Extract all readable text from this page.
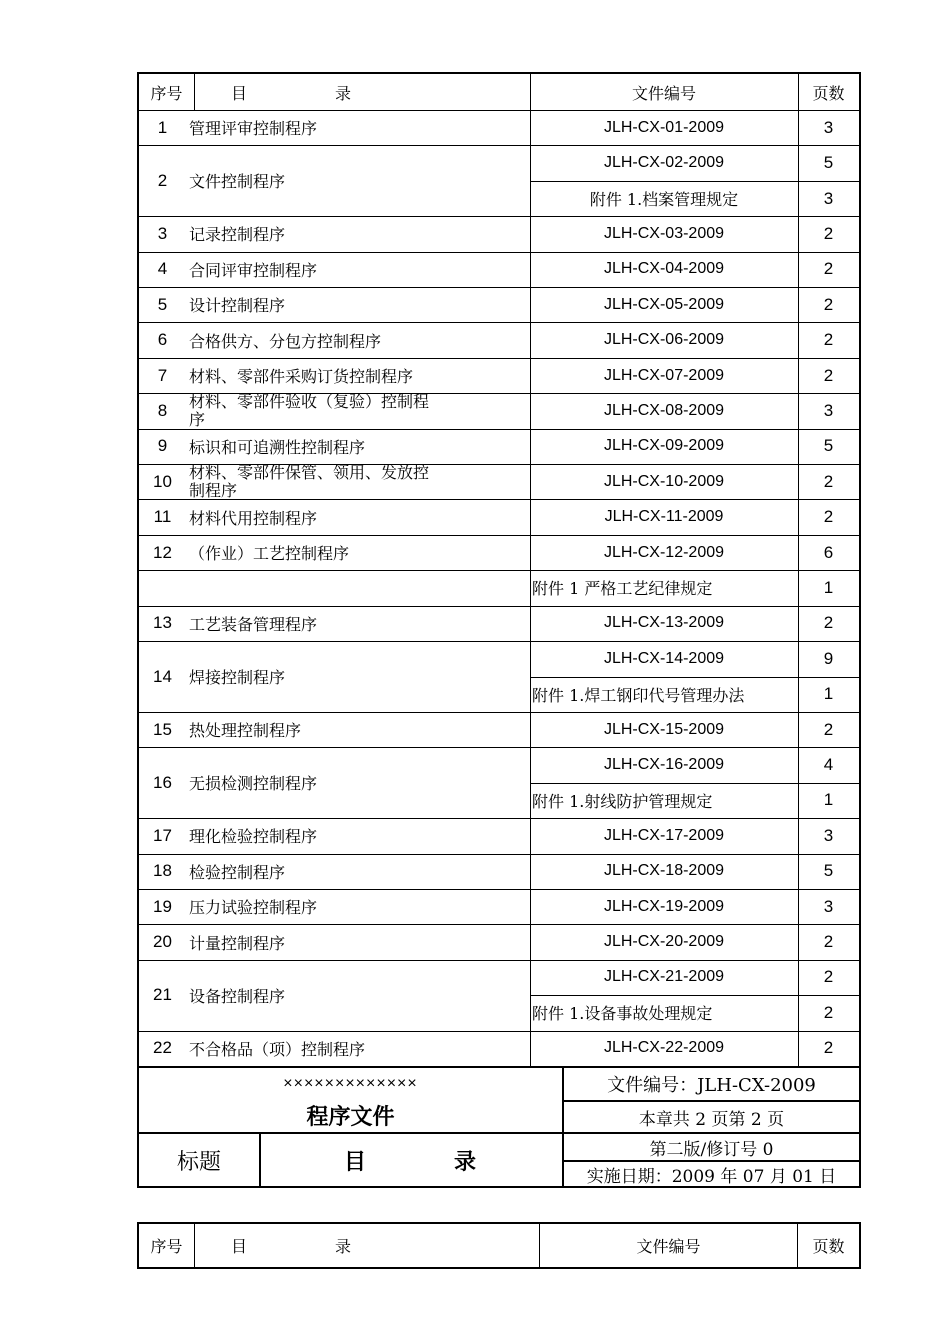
序号	目	录	文件编号	页数
1	管理评审控制程序	JLH-CX-01-2009	3
2	文件控制程序
JLH-CX-02-2009	5
附件 1.档案管理规定	3
3	记录控制程序	JLH-CX-03-2009	2
4	合同评审控制程序	JLH-CX-04-2009	2
5	设计控制程序	JLH-CX-05-2009	2
6	合格供方、分包方控制程序	JLH-CX-06-2009	2
7	材料、零部件采购订货控制程序	JLH-CX-07-2009	2
8	材料、零部件验收（复验）控制程序	JLH-CX-08-2009	3
9	标识和可追溯性控制程序	JLH-CX-09-2009	5
10	材料、零部件保管、领用、发放控制程序	JLH-CX-10-2009	2
11	材料代用控制程序	JLH-CX-11-2009	2
12	（作业）工艺控制程序	JLH-CX-12-2009	6
附件 1 严格工艺纪律规定	1
13	工艺装备管理程序	JLH-CX-13-2009	2
14	焊接控制程序
JLH-CX-14-2009	9
附件 1.焊工钢印代号管理办法	1
15	热处理控制程序	JLH-CX-15-2009	2
16	无损检测控制程序
JLH-CX-16-2009	4
附件 1.射线防护管理规定	1
17	理化检验控制程序	JLH-CX-17-2009	3
18	检验控制程序	JLH-CX-18-2009	5
19	压力试验控制程序	JLH-CX-19-2009	3
20	计量控制程序	JLH-CX-20-2009	2
21	设备控制程序
JLH-CX-21-2009	2
附件 1.设备事故处理规定	2
22	不合格品（项）控制程序	JLH-CX-22-2009	2
×××××××××××××
程序文件
文件编号：JLH-CX-2009
本章共 2 页第 2 页
标题	目	录	第二版/修订号 0
实施日期：2009 年 07 月 01 日
序号	目	录	文件编号	页数
